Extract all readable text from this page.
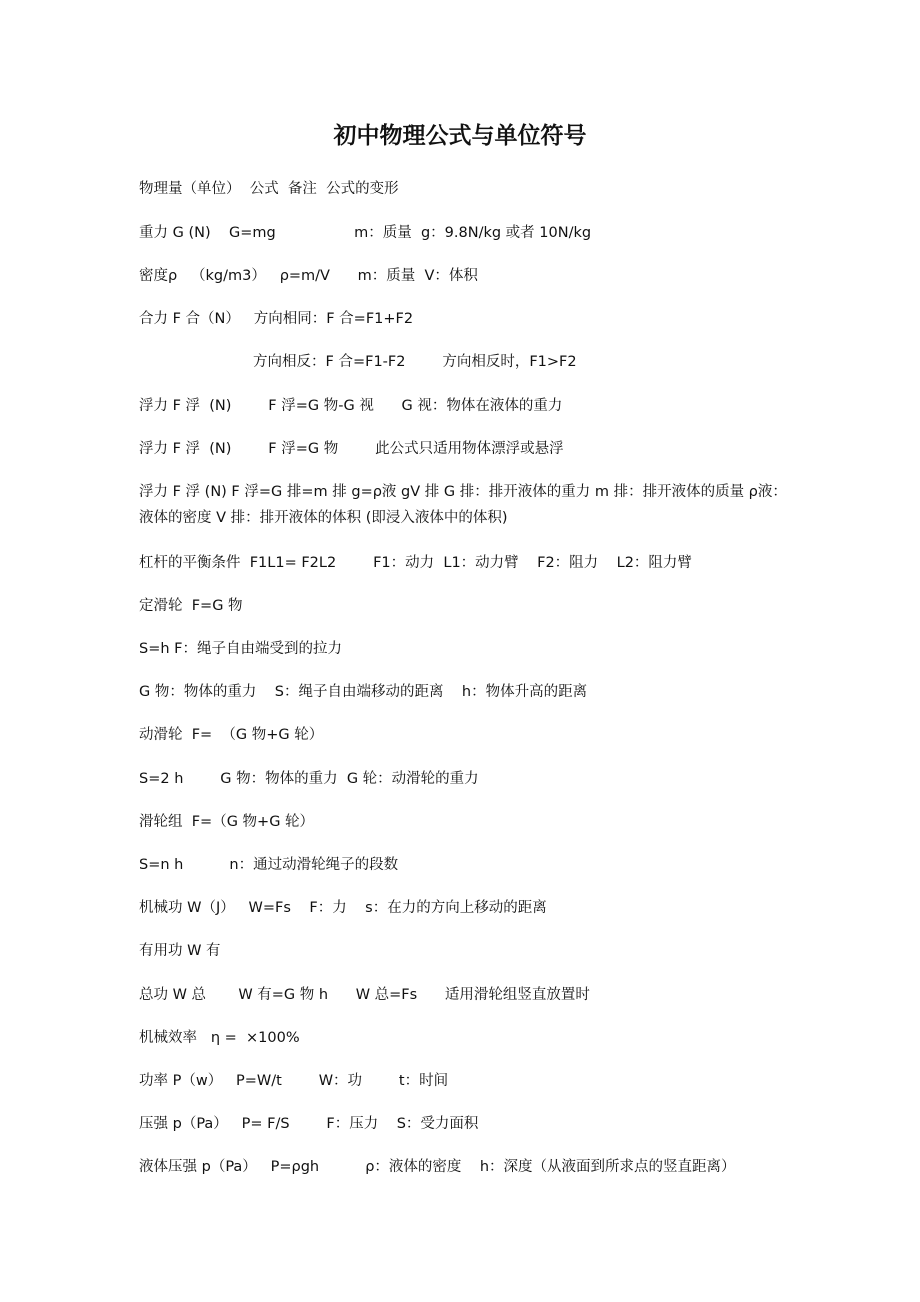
初中物理公式与单位符号

物理量（单位）  公式  备注  公式的变形

重力 G (N)    G=mg                 m：质量  g：9.8N/kg 或者 10N/kg

密度ρ   （kg/m3）   ρ=m/V      m：质量  V：体积

合力 F 合（N）   方向相同：F 合=F1+F2

方向相反：F 合=F1-F2        方向相反时，F1>F2

浮力 F 浮  (N)        F 浮=G 物-G 视      G 视：物体在液体的重力

浮力 F 浮  (N)        F 浮=G 物        此公式只适用物体漂浮或悬浮

浮力 F 浮 (N) F 浮=G 排=m 排 g=ρ液 gV 排 G 排：排开液体的重力 m 排：排开液体的质量 ρ液：液体的密度 V 排：排开液体的体积 (即浸入液体中的体积)

杠杆的平衡条件  F1L1= F2L2        F1：动力  L1：动力臂    F2：阻力    L2：阻力臂

定滑轮  F=G 物

S=h F：绳子自由端受到的拉力

G 物：物体的重力    S：绳子自由端移动的距离    h：物体升高的距离

动滑轮  F=  （G 物+G 轮）

S=2 h        G 物：物体的重力  G 轮：动滑轮的重力

滑轮组  F=（G 物+G 轮）

S=n h          n：通过动滑轮绳子的段数

机械功 W（J）   W=Fs    F：力    s：在力的方向上移动的距离

有用功 W 有

总功 W 总       W 有=G 物 h      W 总=Fs      适用滑轮组竖直放置时

机械效率   η =  ×100%

功率 P（w）   P=W/t        W：功        t：时间

压强 p（Pa）   P= F/S        F：压力    S：受力面积

液体压强 p（Pa）   P=ρgh          ρ：液体的密度    h：深度（从液面到所求点的竖直距离）
